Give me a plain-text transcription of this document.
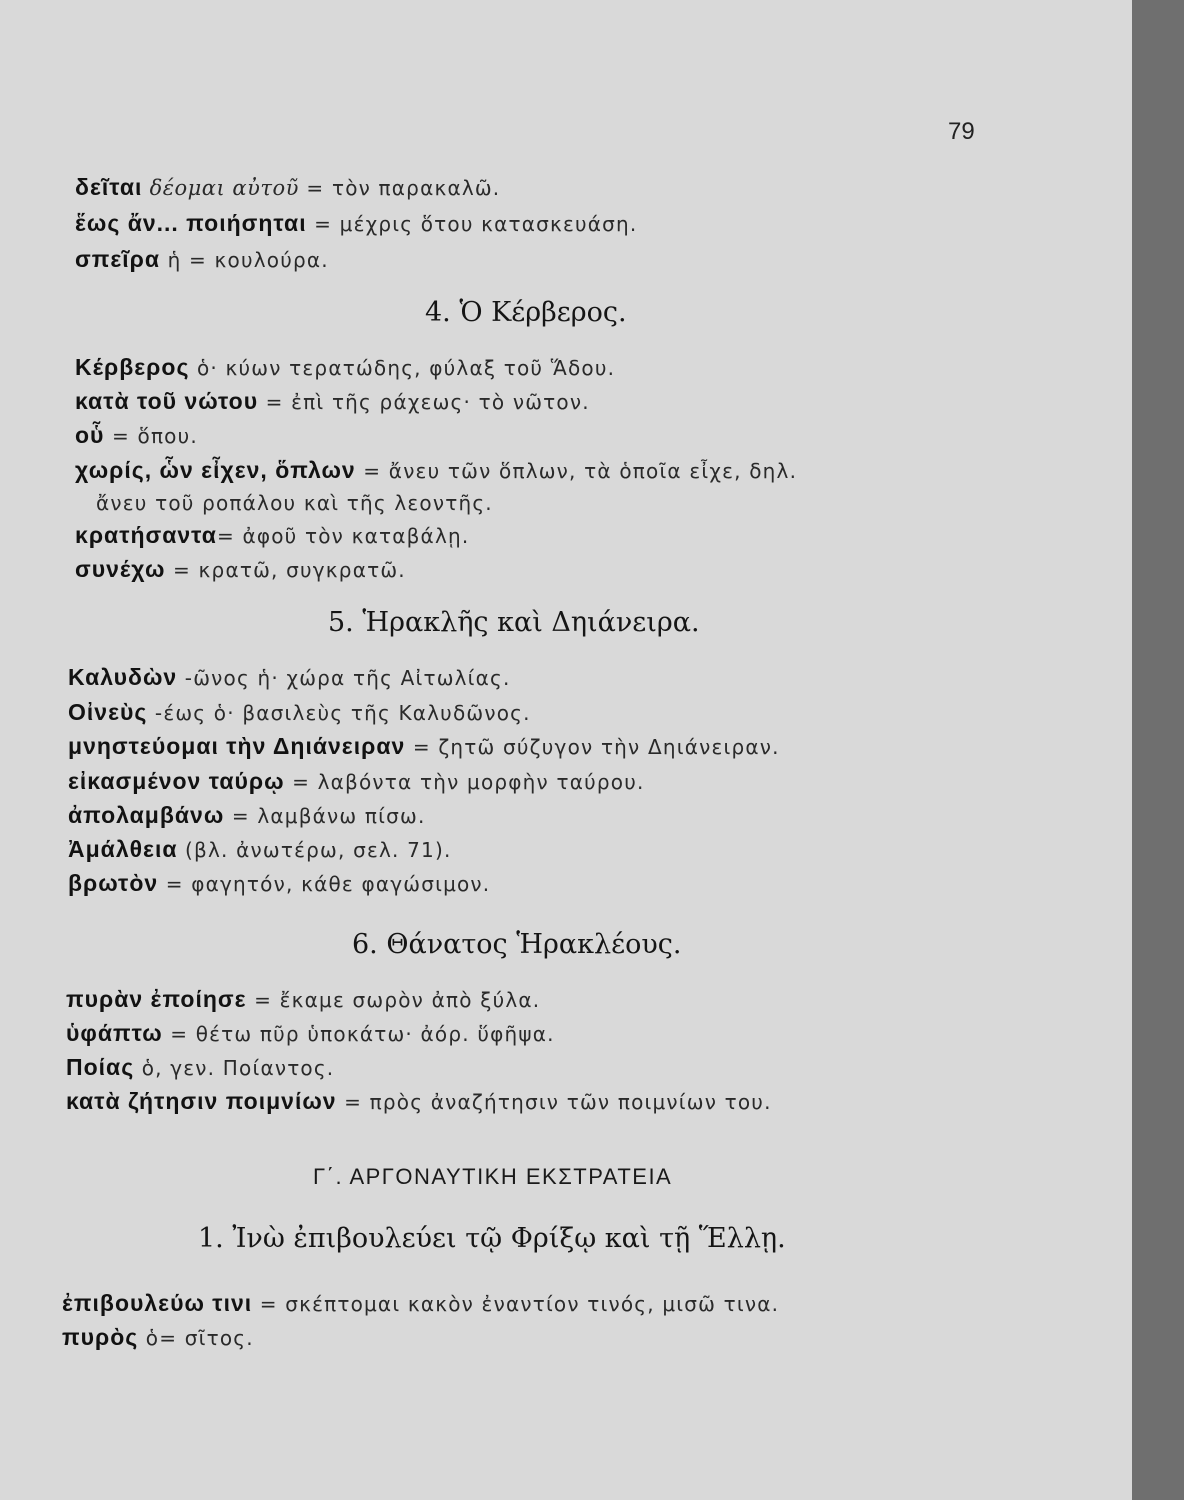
79
δεῖται δέομαι αὐτοῦ = τὸν παρακαλῶ.
ἕως ἄν... ποιήσηται = μέχρις ὅτου κατασκευάση.
σπεῖρα ἡ = κουλούρα.
4. Ὁ Κέρβερος.
Κέρβερος ὁ· κύων τερατώδης, φύλαξ τοῦ Ἅδου.
κατὰ τοῦ νώτου = ἐπὶ τῆς ράχεως· τὸ νῶτον.
οὗ = ὅπου.
χωρίς, ὧν εἶχεν, ὅπλων = ἄνευ τῶν ὅπλων, τὰ ὁποῖα εἶχε, δηλ.
ἄνευ τοῦ ροπάλου καὶ τῆς λεοντῆς.
κρατήσαντα= ἀφοῦ τὸν καταβάλῃ.
συνέχω = κρατῶ, συγκρατῶ.
5. Ἡρακλῆς καὶ Δηιάνειρα.
Καλυδὼν -ῶνος ἡ· χώρα τῆς Αἰτωλίας.
Οἰνεὺς -έως ὁ· βασιλεὺς τῆς Καλυδῶνος.
μνηστεύομαι τὴν Δηιάνειραν = ζητῶ σύζυγον τὴν Δηιάνειραν.
εἰκασμένον ταύρῳ = λαβόντα τὴν μορφὴν ταύρου.
ἀπολαμβάνω = λαμβάνω πίσω.
Ἀμάλθεια (βλ. ἀνωτέρω, σελ. 71).
βρωτὸν = φαγητόν, κάθε φαγώσιμον.
6. Θάνατος Ἡρακλέους.
πυρὰν ἐποίησε = ἔκαμε σωρὸν ἀπὸ ξύλα.
ὑφάπτω = θέτω πῦρ ὑποκάτω· ἀόρ. ὕφῆψα.
Ποίας ὁ, γεν. Ποίαντος.
κατὰ ζήτησιν ποιμνίων = πρὸς ἀναζήτησιν τῶν ποιμνίων του.
Γ΄. ΑΡΓΟΝΑΥΤΙΚΗ ΕΚΣΤΡΑΤΕΙΑ
1. Ἰνὼ ἐπιβουλεύει τῷ Φρίξῳ καὶ τῇ Ἕλλῃ.
ἐπιβουλεύω τινι = σκέπτομαι κακὸν ἐναντίον τινός, μισῶ τινα.
πυρὸς ὁ= σῖτος.
